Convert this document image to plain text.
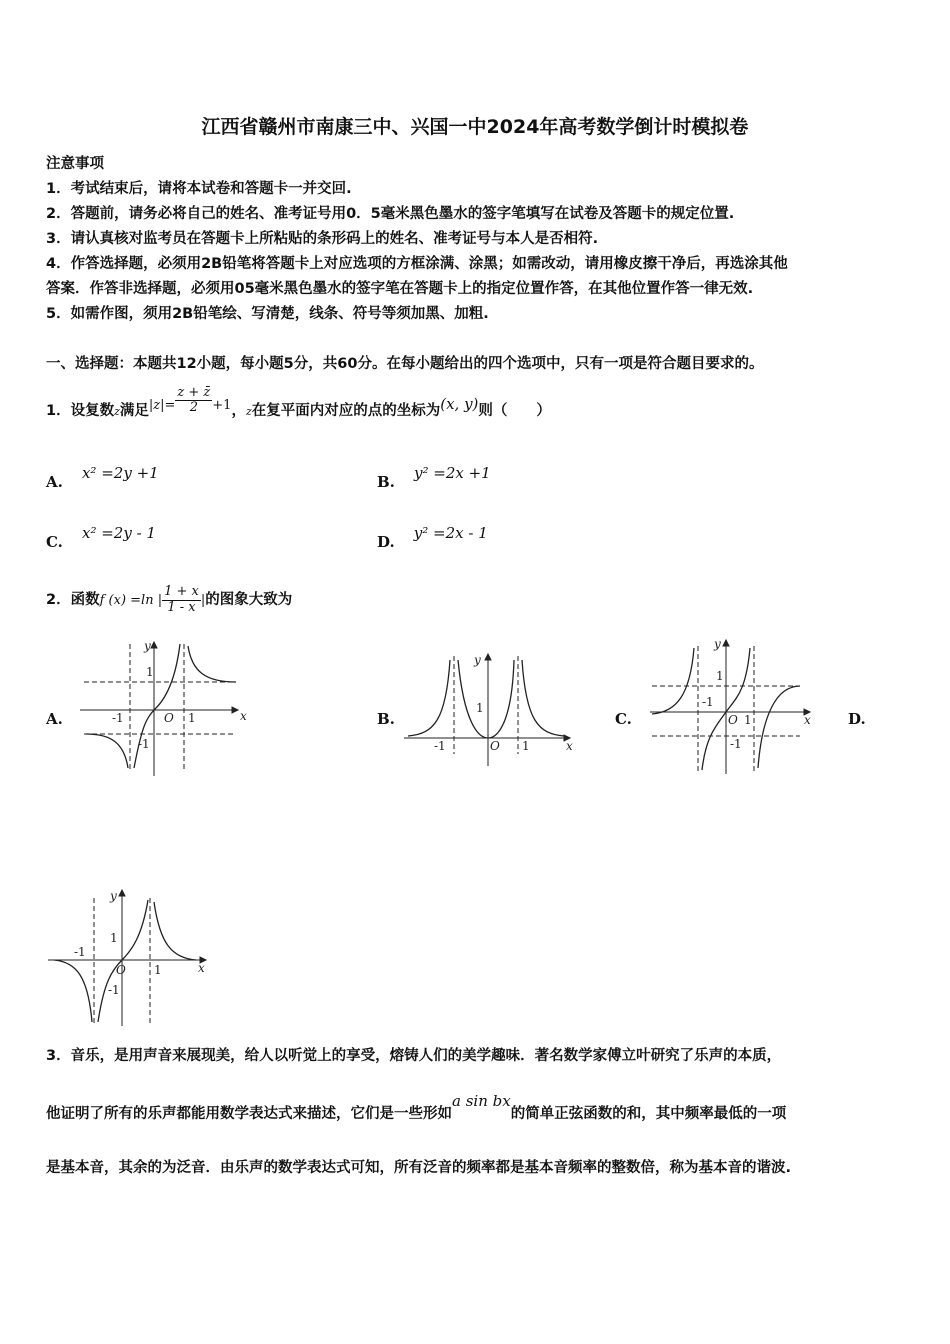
江西省赣州市南康三中、兴国一中2024年高考数学倒计时模拟卷
注意事项
1．考试结束后，请将本试卷和答题卡一并交回.
2．答题前，请务必将自己的姓名、准考证号用0．5毫米黑色墨水的签字笔填写在试卷及答题卡的规定位置.
3．请认真核对监考员在答题卡上所粘贴的条形码上的姓名、准考证号与本人是否相符.
4．作答选择题，必须用2B铅笔将答题卡上对应选项的方框涂满、涂黑；如需改动，请用橡皮擦干净后，再选涂其他
答案．作答非选择题，必须用05毫米黑色墨水的签字笔在答题卡上的指定位置作答，在其他位置作答一律无效.
5．如需作图，须用2B铅笔绘、写清楚，线条、符号等须加黑、加粗.
一、选择题：本题共12小题，每小题5分，共60分。在每小题给出的四个选项中，只有一项是符合题目要求的。
1．设复数z满足$|z|= \frac{z + z̄}{2} +1$，z在复平面内对应的点的坐标为(x, y)则（　　）
A. x² =2y +1	B. y² =2x +1
C. x² =2y - 1	D. y² =2x - 1
2．函数f (x) =ln | $\frac{1 + x}{1 - x}$ |的图象大致为
A.	B.	C.	D.
y
x
O
1
1
-1
-1
y
x
O
1
1
-1
y
x
O
1
1
-1
-1
y
x
O
1
1
-1
-1
3．音乐，是用声音来展现美，给人以听觉上的享受，熔铸人们的美学趣味．著名数学家傅立叶研究了乐声的本质，
他证明了所有的乐声都能用数学表达式来描述，它们是一些形如a sin bx的简单正弦函数的和，其中频率最低的一项
是基本音，其余的为泛音．由乐声的数学表达式可知，所有泛音的频率都是基本音频率的整数倍，称为基本音的谐波.
